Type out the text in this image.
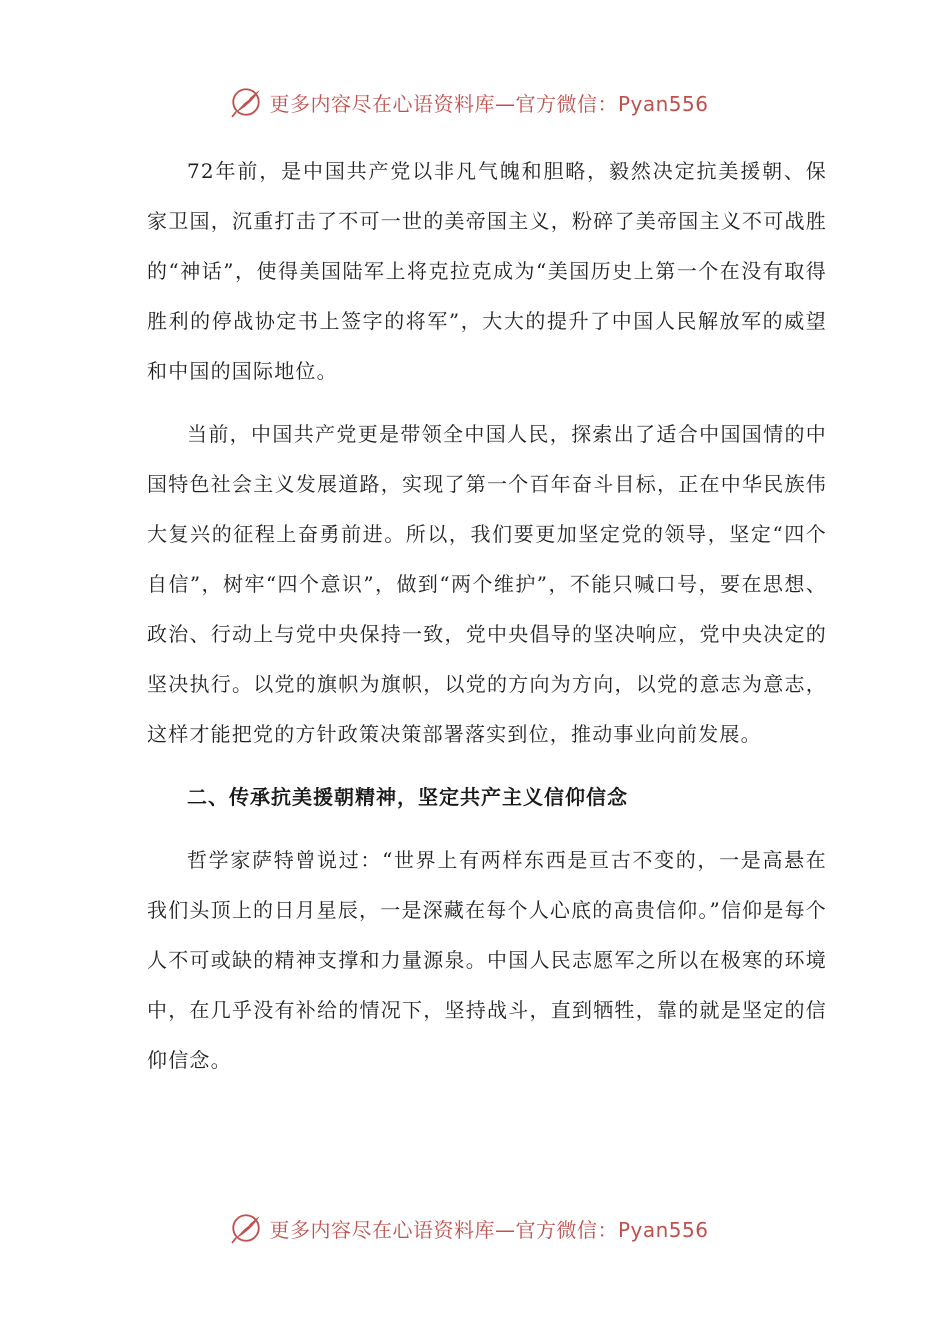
更多内容尽在心语资料库—官方微信：Pyan556

72年前，是中国共产党以非凡气魄和胆略，毅然决定抗美援朝、保家卫国，沉重打击了不可一世的美帝国主义，粉碎了美帝国主义不可战胜的“神话”，使得美国陆军上将克拉克成为“美国历史上第一个在没有取得胜利的停战协定书上签字的将军”，大大的提升了中国人民解放军的威望和中国的国际地位。

当前，中国共产党更是带领全中国人民，探索出了适合中国国情的中国特色社会主义发展道路，实现了第一个百年奋斗目标，正在中华民族伟大复兴的征程上奋勇前进。所以，我们要更加坚定党的领导，坚定“四个自信”，树牢“四个意识”，做到“两个维护”，不能只喊口号，要在思想、政治、行动上与党中央保持一致，党中央倡导的坚决响应，党中央决定的坚决执行。以党的旗帜为旗帜，以党的方向为方向，以党的意志为意志，这样才能把党的方针政策决策部署落实到位，推动事业向前发展。

二、传承抗美援朝精神，坚定共产主义信仰信念

哲学家萨特曾说过：“世界上有两样东西是亘古不变的，一是高悬在我们头顶上的日月星辰，一是深藏在每个人心底的高贵信仰。”信仰是每个人不可或缺的精神支撑和力量源泉。中国人民志愿军之所以在极寒的环境中，在几乎没有补给的情况下，坚持战斗，直到牺牲，靠的就是坚定的信仰信念。

更多内容尽在心语资料库—官方微信：Pyan556
